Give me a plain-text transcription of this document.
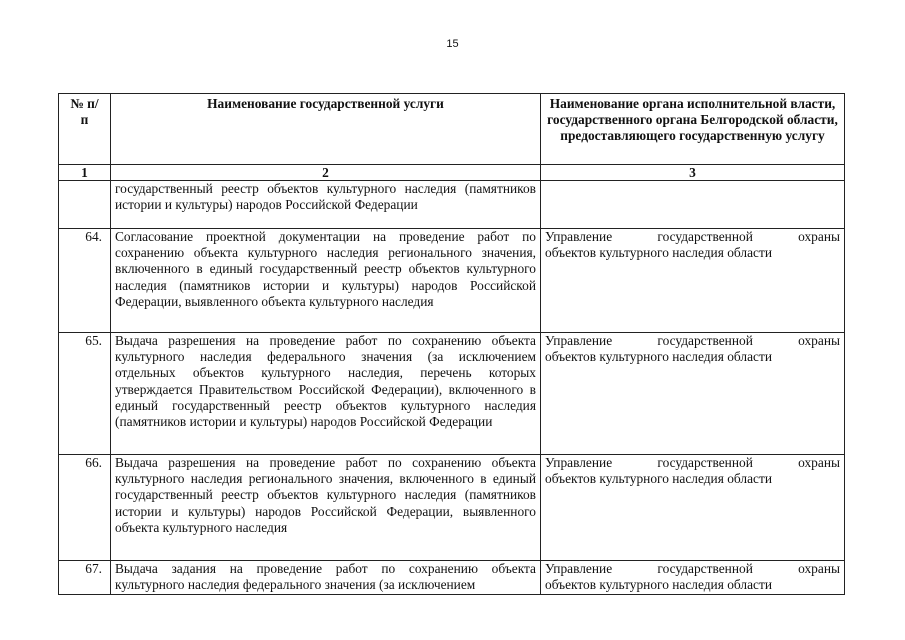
15
№ п/п	Наименование государственной услуги	Наименование органа исполнительной власти, государственного органа Белгородской области, предоставляющего государственную услугу
1	2	3
	государственный реестр объектов культурного наследия (памятников истории и культуры) народов Российской Федерации	

64.	Согласование проектной документации на проведение работ по сохранению объекта культурного наследия регионального значения, включенного в единый государственный реестр объектов культурного наследия (памятников истории и культуры) народов Российской Федерации, выявленного объекта культурного наследия	Управление государственной охраны
объектов культурного наследия области

65.	Выдача разрешения на проведение работ по сохранению объекта культурного наследия федерального значения (за исключением отдельных объектов культурного наследия, перечень которых утверждается Правительством Российской Федерации), включенного в единый государственный реестр объектов культурного наследия (памятников истории и культуры) народов Российской Федерации	Управление государственной охраны
объектов культурного наследия области

66.	Выдача разрешения на проведение работ по сохранению объекта культурного наследия регионального значения, включенного в единый государственный реестр объектов культурного наследия (памятников истории и культуры) народов Российской Федерации, выявленного объекта культурного наследия	Управление государственной охраны
объектов культурного наследия области

67.	Выдача задания на проведение работ по сохранению объекта культурного наследия федерального значения (за исключением	Управление государственной охраны
объектов культурного наследия области
